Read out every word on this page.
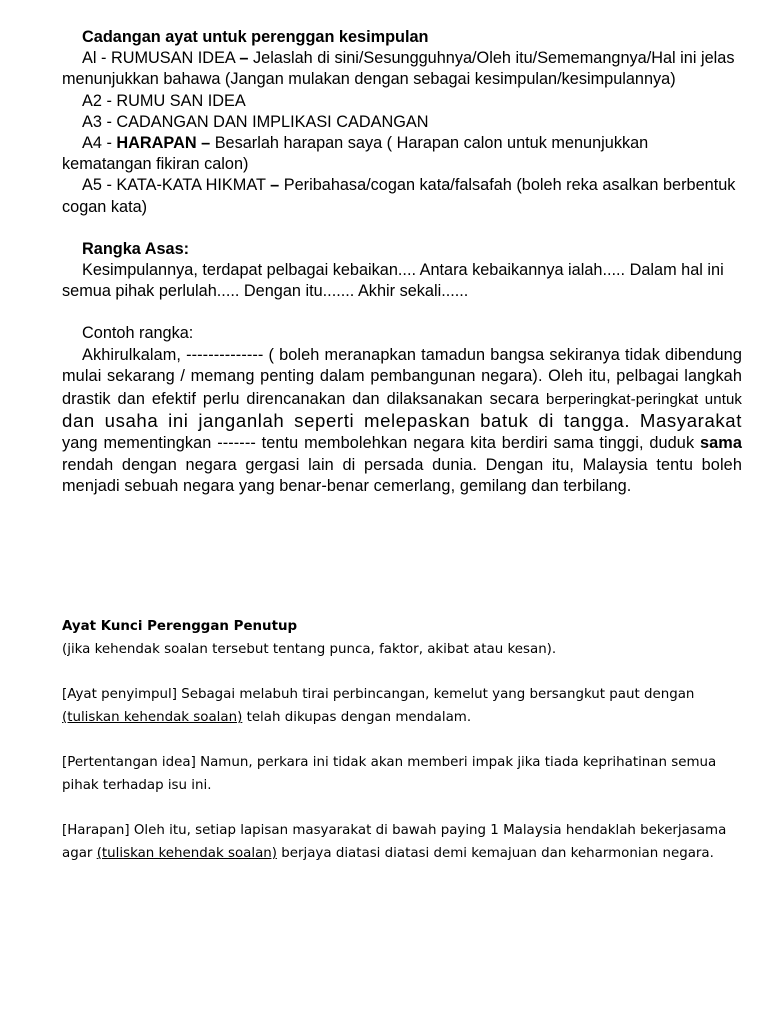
Cadangan ayat untuk perenggan kesimpulan

Al - RUMUSAN IDEA – Jelaslah di sini/Sesungguhnya/Oleh itu/Sememangnya/Hal ini jelas menunjukkan bahawa (Jangan mulakan dengan sebagai kesimpulan/kesimpulannya)

A2 - RUMU SAN IDEA

A3 - CADANGAN DAN IMPLIKASI CADANGAN

A4 - HARAPAN – Besarlah harapan saya ( Harapan calon untuk menunjukkan kematangan fikiran calon)

A5 - KATA-KATA HIKMAT – Peribahasa/cogan kata/falsafah (boleh reka asalkan berbentuk cogan kata)

Rangka Asas:

Kesimpulannya, terdapat pelbagai kebaikan.... Antara kebaikannya ialah..... Dalam hal ini semua pihak perlulah..... Dengan itu....... Akhir sekali......

Contoh rangka:

Akhirulkalam, -------------- ( boleh meranapkan tamadun bangsa sekiranya tidak dibendung mulai sekarang / memang penting dalam pembangunan negara). Oleh itu, pelbagai langkah drastik dan efektif perlu direncanakan dan dilaksanakan secara berperingkat-peringkat untuk dan usaha ini janganlah seperti melepaskan batuk di tangga. Masyarakat yang mementingkan ------- tentu membolehkan negara kita berdiri sama tinggi, duduk sama rendah dengan negara gergasi lain di persada dunia. Dengan itu, Malaysia tentu boleh menjadi sebuah negara yang benar-benar cemerlang, gemilang dan terbilang.

Ayat Kunci Perenggan Penutup

(jika kehendak soalan tersebut tentang punca, faktor, akibat atau kesan).

[Ayat penyimpul] Sebagai melabuh tirai perbincangan, kemelut yang bersangkut paut dengan (tuliskan kehendak soalan) telah dikupas dengan mendalam.

[Pertentangan idea] Namun, perkara ini tidak akan memberi impak jika tiada keprihatinan semua pihak terhadap isu ini.

[Harapan] Oleh itu, setiap lapisan masyarakat di bawah paying 1 Malaysia hendaklah bekerjasama agar (tuliskan kehendak soalan) berjaya diatasi diatasi demi kemajuan dan keharmonian negara.
